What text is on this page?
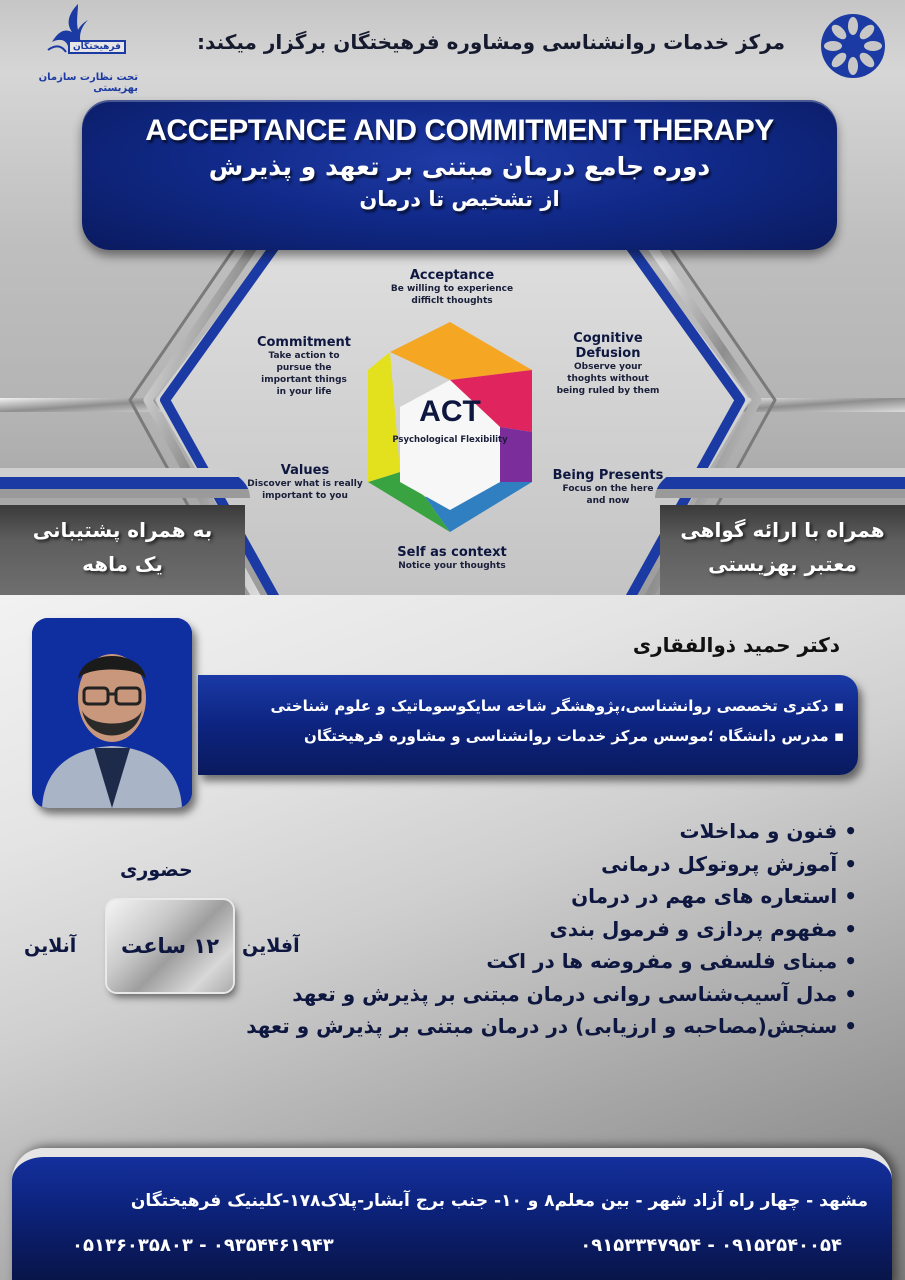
فرهیختگان
تحت نظارت سازمان بهزیستی
مرکز خدمات روانشناسی ومشاوره فرهیختگان برگزار میکند:
به همراه پشتیبانی
یک ماهه
همراه با ارائه گواهی
معتبر بهزیستی
ACCEPTANCE AND COMMITMENT THERAPY
دوره جامع درمان مبتنی بر تعهد و پذیرش
از تشخیص تا درمان
ACT
Psychological Flexibility
Acceptance
Be willing to experience
difficlt thoughts
Cognitive
Defusion
Observe your
thoghts without
being ruled by them
Being Presents
Focus on the here
and now
Self as context
Notice your thoughts
Values
Discover what is really
important to you
Commitment
Take action to
pursue the
important things
in your life
دکتر حمید ذوالفقاری
▪ دکتری تخصصی روانشناسی،پژوهشگر شاخه سایکوسوماتیک و علوم شناختی
▪ مدرس دانشگاه ؛موسس مرکز خدمات روانشناسی و مشاوره فرهیختگان
• فنون و مداخلات
• آموزش پروتوکل درمانی
• استعاره های مهم در درمان
• مفهوم پردازی و فرمول بندی
• مبنای فلسفی و مفروضه ها در اکت
• مدل آسیب‌شناسی روانی درمان مبتنی بر پذیرش و تعهد
• سنجش(مصاحبه و ارزیابی) در درمان مبتنی بر پذیرش و تعهد
حضوری
۱۲ ساعت
آنلاین	آفلاین
مشهد - چهار راه آزاد شهر - بین معلم۸ و ۱۰- جنب برج آبشار-پلاک۱۷۸-کلینیک فرهیختگان
۰۹۱۵۳۳۴۷۹۵۴ - ۰۹۱۵۲۵۴۰۰۵۴
۰۵۱۳۶۰۳۵۸۰۳ - ۰۹۳۵۴۴۶۱۹۴۳
